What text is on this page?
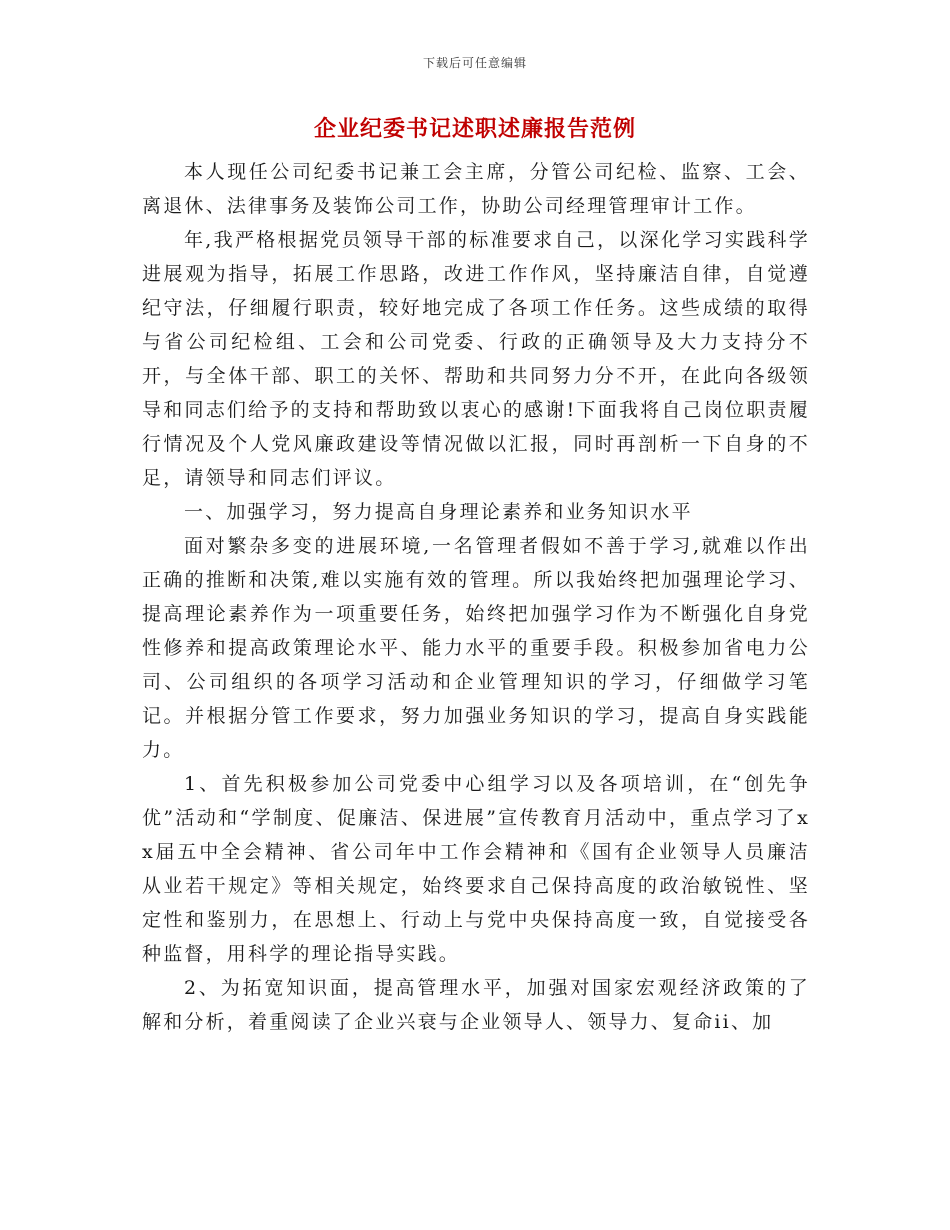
下载后可任意编辑
企业纪委书记述职述廉报告范例

本人现任公司纪委书记兼工会主席，分管公司纪检、监察、工会、离退休、法律事务及装饰公司工作，协助公司经理管理审计工作。

年,我严格根据党员领导干部的标准要求自己，以深化学习实践科学进展观为指导，拓展工作思路，改进工作作风，坚持廉洁自律，自觉遵纪守法，仔细履行职责，较好地完成了各项工作任务。这些成绩的取得与省公司纪检组、工会和公司党委、行政的正确领导及大力支持分不开，与全体干部、职工的关怀、帮助和共同努力分不开，在此向各级领导和同志们给予的支持和帮助致以衷心的感谢!下面我将自己岗位职责履行情况及个人党风廉政建设等情况做以汇报，同时再剖析一下自身的不足，请领导和同志们评议。

一、加强学习，努力提高自身理论素养和业务知识水平

面对繁杂多变的进展环境,一名管理者假如不善于学习,就难以作出正确的推断和决策,难以实施有效的管理。所以我始终把加强理论学习、提高理论素养作为一项重要任务，始终把加强学习作为不断强化自身党性修养和提高政策理论水平、能力水平的重要手段。积极参加省电力公司、公司组织的各项学习活动和企业管理知识的学习，仔细做学习笔记。并根据分管工作要求，努力加强业务知识的学习，提高自身实践能力。

1、首先积极参加公司党委中心组学习以及各项培训，在“创先争优”活动和“学制度、促廉洁、保进展”宣传教育月活动中，重点学习了xx届五中全会精神、省公司年中工作会精神和《国有企业领导人员廉洁从业若干规定》等相关规定，始终要求自己保持高度的政治敏锐性、坚定性和鉴别力，在思想上、行动上与党中央保持高度一致，自觉接受各种监督，用科学的理论指导实践。

2、为拓宽知识面，提高管理水平，加强对国家宏观经济政策的了解和分析，着重阅读了企业兴衰与企业领导人、领导力、复命ii、加
